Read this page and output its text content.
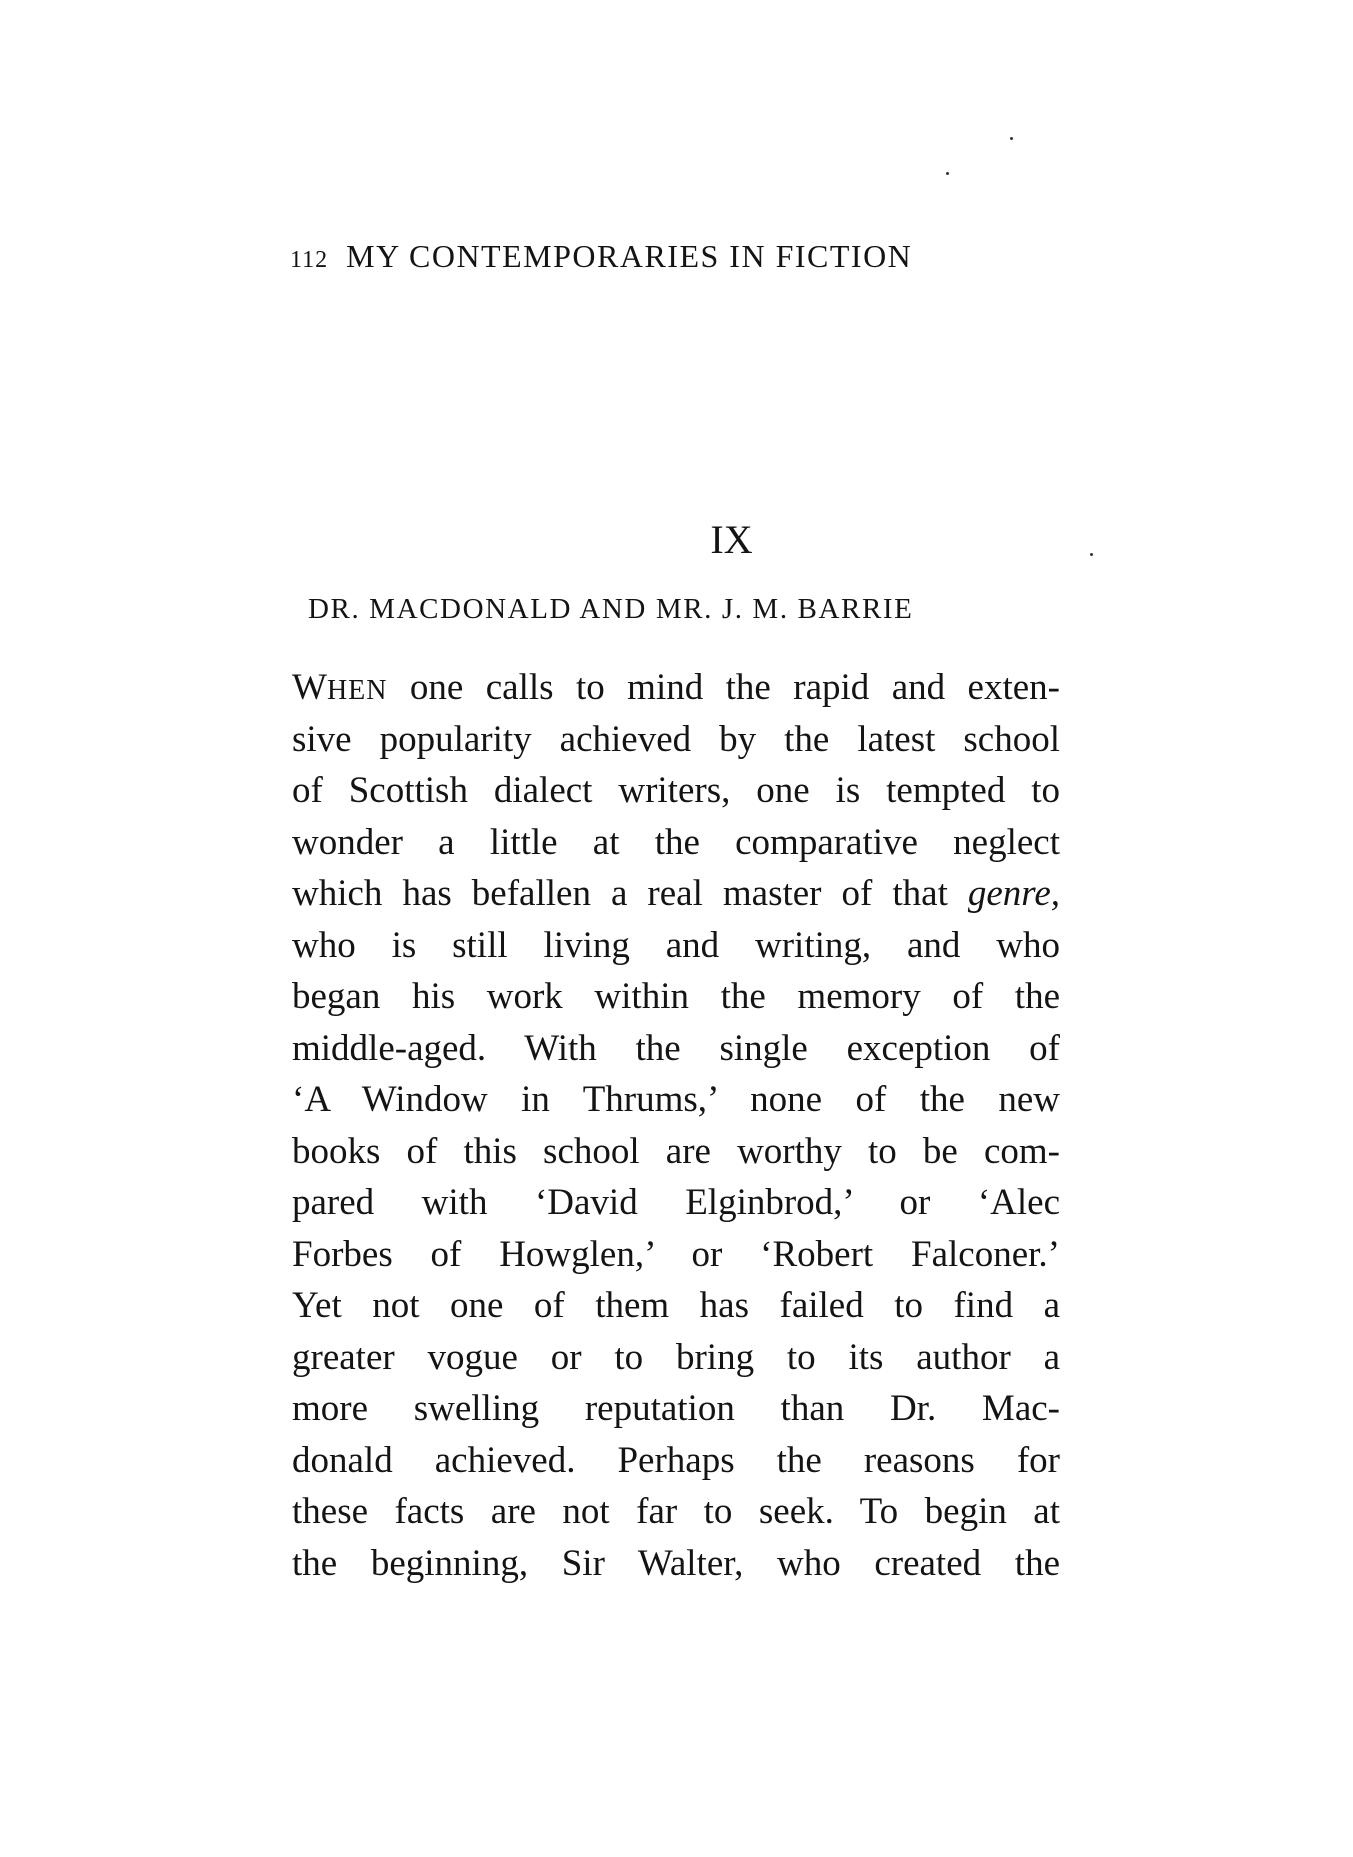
112 MY CONTEMPORARIES IN FICTION
IX
DR. MACDONALD AND MR. J. M. BARRIE
WHEN one calls to mind the rapid and exten-
sive popularity achieved by the latest school
of Scottish dialect writers, one is tempted to
wonder a little at the comparative neglect
which has befallen a real master of that genre,
who is still living and writing, and who
began his work within the memory of the
middle-aged. With the single exception of
‘A Window in Thrums,’ none of the new
books of this school are worthy to be com-
pared with ‘David Elginbrod,’ or ‘Alec
Forbes of Howglen,’ or ‘Robert Falconer.’
Yet not one of them has failed to find a
greater vogue or to bring to its author a
more swelling reputation than Dr. Mac-
donald achieved. Perhaps the reasons for
these facts are not far to seek. To begin at
the beginning, Sir Walter, who created the
